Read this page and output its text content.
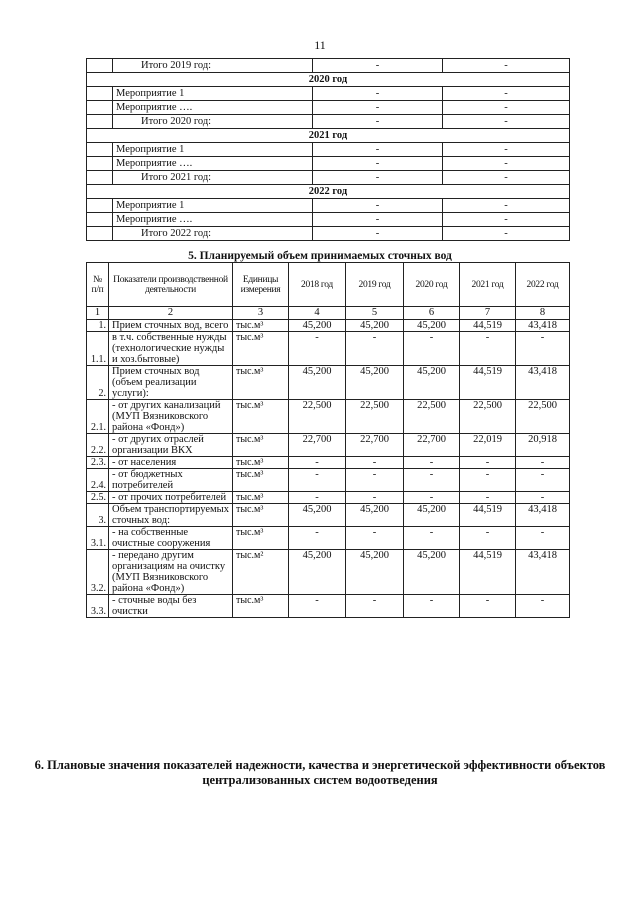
11
	Итого 2019 год:	-	-
2020 год			
	Мероприятие 1	-	-
	Мероприятие ….	-	-
	Итого 2020 год:	-	-
2021 год			
	Мероприятие 1	-	-
	Мероприятие ….	-	-
	Итого 2021 год:	-	-
2022 год			
	Мероприятие 1	-	-
	Мероприятие ….	-	-
	Итого 2022 год:	-	-
5. Планируемый объем принимаемых сточных вод
№ п/п	Показатели производственной деятельности	Единицы измерения	2018 год	2019 год	2020 год	2021 год	2022 год
1	2	3	4	5	6	7	8
1.	Прием сточных вод, всего	тыс.м³	45,200	45,200	45,200	44,519	43,418
1.1.	в т.ч. собственные нужды (технологические нужды и хоз.бытовые)	тыс.м³	-	-	-	-	-
2.	Прием сточных вод (объем реализации услуги):	тыс.м³	45,200	45,200	45,200	44,519	43,418
2.1.	- от других канализаций (МУП Вязниковского района «Фонд»)	тыс.м³	22,500	22,500	22,500	22,500	22,500
2.2.	- от других отраслей организации ВКХ	тыс.м³	22,700	22,700	22,700	22,019	20,918
2.3.	- от населения	тыс.м³	-	-	-	-	-
2.4.	- от бюджетных потребителей	тыс.м³	-	-	-	-	-
2.5.	- от прочих потребителей	тыс.м³	-	-	-	-	-
3.	Объем транспортируемых сточных вод:	тыс.м³	45,200	45,200	45,200	44,519	43,418
3.1.	- на собственные очистные сооружения	тыс.м³	-	-	-	-	-
3.2.	- передано другим организациям на очистку (МУП Вязниковского района «Фонд»)	тыс.м²	45,200	45,200	45,200	44,519	43,418
3.3.	- сточные воды без очистки	тыс.м³	-	-	-	-	-
6. Плановые значения показателей надежности, качества и энергетической эффективности объектов централизованных систем водоотведения
